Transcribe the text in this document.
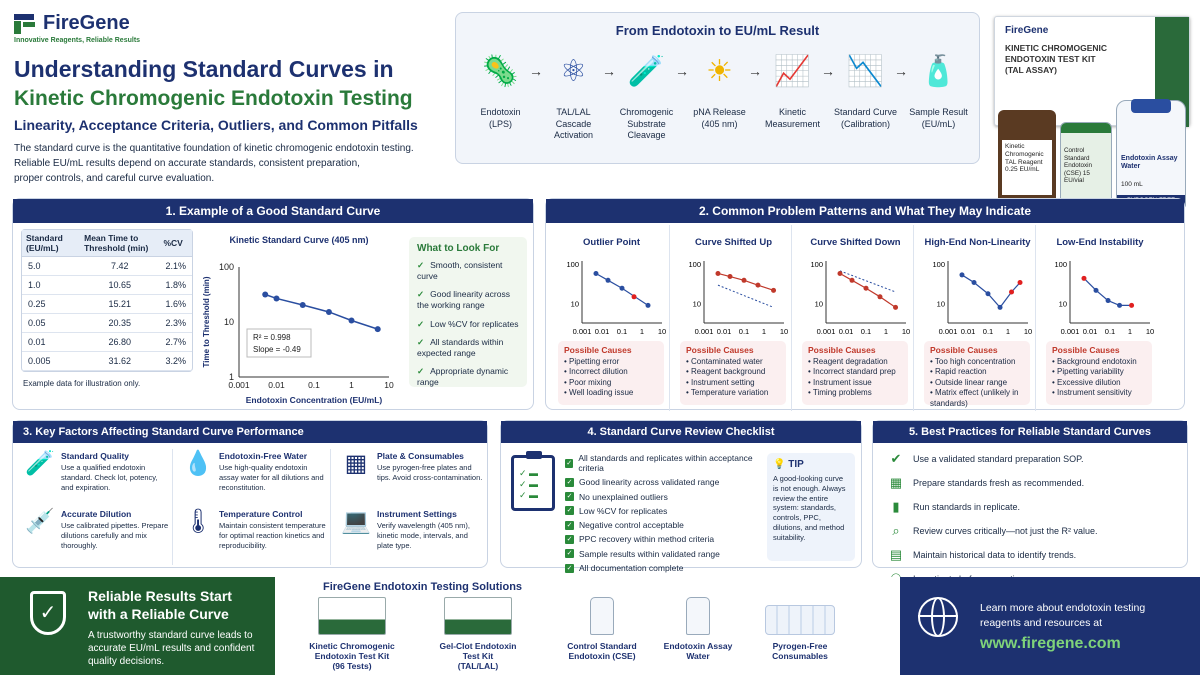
FireGene
Innovative Reagents, Reliable Results
Understanding Standard Curves in
Kinetic Chromogenic Endotoxin Testing
Linearity, Acceptance Criteria, Outliers, and Common Pitfalls
The standard curve is the quantitative foundation of kinetic chromogenic endotoxin testing.
Reliable EU/mL results depend on accurate standards, consistent preparation,
proper controls, and careful curve evaluation.
From Endotoxin to EU/mL Result
🦠
Endotoxin
(LPS)
→ ⚛
TAL/LAL
Cascade
Activation
→ 🧪
Chromogenic
Substrate
Cleavage
→ ☀
pNA Release
(405 nm)
→ 📈
Kinetic
Measurement
→ 📉
Standard Curve
(Calibration)
→ 🧴
Sample Result
(EU/mL)
FireGene
KINETIC CHROMOGENIC
ENDOTOXIN TEST KIT
(TAL ASSAY)
Kinetic Chromogenic TAL Reagent 0.25 EU/mL
Control Standard Endotoxin (CSE) 15 EU/vial
Endotoxin Assay Water
100 mL
1. Example of a Good Standard Curve
Standard (EU/mL)	Mean Time to Threshold (min)	%CV
5.0	7.42	2.1%
1.0	10.65	1.8%
0.25	15.21	1.6%
0.05	20.35	2.3%
0.01	26.80	2.7%
0.005	31.62	3.2%
Example data for illustration only.
Kinetic Standard Curve (405 nm)
1
10
100
0.001 0.01	0.1	1	10
Endotoxin Concentration (EU/mL)
Time to Threshold (min)	R² = 0.998
Slope = -0.49
What to Look For
✓ Smooth, consistent curve
✓ Good linearity across the working range
✓ Low %CV for replicates
✓ All standards within expected range
✓ Appropriate dynamic range
2. Common Problem Patterns and What They May Indicate
Outlier Point
100
10
0.001 0.01 0.1 1 10
Possible Causes
• Pipetting error
• Incorrect dilution
• Poor mixing
• Well loading issue
Curve Shifted Up
100
10
0.001 0.01 0.1 1 10
Possible Causes
• Contaminated water
• Reagent background
• Instrument setting
• Temperature variation
Curve Shifted Down
100
10
0.001 0.01 0.1 1 10
Possible Causes
• Reagent degradation
• Incorrect standard prep
• Instrument issue
• Timing problems
High-End Non-Linearity
100
10
0.001 0.01 0.1 1 10
Possible Causes
• Too high concentration
• Rapid reaction
• Outside linear range
• Matrix effect (unlikely in standards)
Low-End Instability
100
10
0.001 0.01 0.1 1 10
Possible Causes
• Background endotoxin
• Pipetting variability
• Excessive dilution
• Instrument sensitivity
3. Key Factors Affecting Standard Curve Performance
🧪 Standard Quality
Use a qualified endotoxin standard. Check lot, potency, and expiration.
💧 Endotoxin-Free Water
Use high-quality endotoxin assay water for all dilutions and reconstitution.
▦	Plate & Consumables
Use pyrogen-free plates and tips. Avoid cross-contamination.
💉 Accurate Dilution
Use calibrated pipettes. Prepare dilutions carefully and mix thoroughly.
🌡 Temperature Control
Maintain consistent temperature for optimal reaction kinetics and reproducibility.
💻 Instrument Settings
Verify wavelength (405 nm), kinetic mode, intervals, and plate type.
4. Standard Curve Review Checklist
✓ ▬
✓ ▬
✓ ▬
✓ All standards and replicates within acceptance criteria
✓ Good linearity across validated range
✓ No unexplained outliers
✓ Low %CV for replicates
✓ Negative control acceptable
✓ PPC recovery within method criteria
✓ Sample results within validated range
✓ All documentation complete
💡 TIP
A good-looking curve is not enough. Always review the entire system: standards, controls, PPC, dilutions, and method suitability.
5. Best Practices for Reliable Standard Curves
✔	Use a validated standard preparation SOP.
▦	Prepare standards fresh as recommended.
▮	Run standards in replicate.
⌕	Review curves critically—not just the R² value.
▤	Maintain historical data to identify trends.
✓
Reliable Results Start
with a Reliable Curve
A trustworthy standard curve leads to accurate EU/mL results and confident quality decisions.
FireGene Endotoxin Testing Solutions
Kinetic Chromogenic
Endotoxin Test Kit
(96 Tests)
Gel-Clot Endotoxin
Test Kit
(TAL/LAL)
Control Standard
Endotoxin (CSE)
Endotoxin Assay
Water
Pyrogen-Free
Consumables
Learn more about endotoxin testing
reagents and resources at
www.firegene.com
